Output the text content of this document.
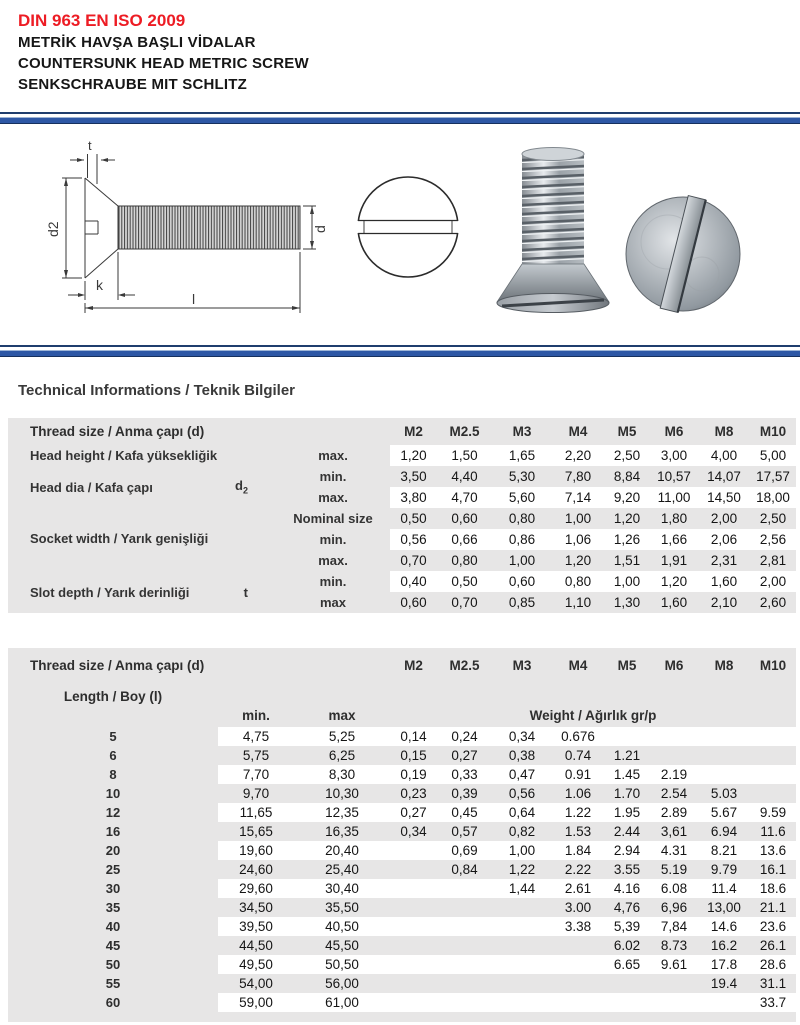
DIN 963 EN ISO 2009
METRİK HAVŞA BAŞLI VİDALAR
COUNTERSUNK HEAD METRIC SCREW
SENKSCHRAUBE MIT SCHLITZ
t
d2
k
l
d
Technical Informations / Teknik Bilgiler
Thread size / Anma çapı (d)		M2	M2.5	M3	M4	M5	M6	M8	M10

Head height / Kafa yüksekliğik	max.	1,20	1,50	1,65	2,20	2,50	3,00	4,00	5,00

Head dia / Kafa çapı $d_2$	min.	3,50	4,40	5,30	7,80	8,84	10,57	14,07	17,57
	max.	3,80	4,70	5,60	7,14	9,20	11,00	14,50	18,00
	Nominal size	0,50	0,60	0,80	1,00	1,20	1,80	2,00	2,50

Socket width / Yarık genişliği	min.	0,56	0,66	0,86	1,06	1,26	1,66	2,06	2,56
	max.	0,70	0,80	1,00	1,20	1,51	1,91	2,31	2,81

Slot depth / Yarık derinliği t	min.	0,40	0,50	0,60	0,80	1,00	1,20	1,60	2,00
	max	0,60	0,70	0,85	1,10	1,30	1,60	2,10	2,60
Thread size / Anma çapı (d)			M2	M2.5	M3	M4	M5	M6	M8	M10
Length / Boy (l)	min.	max	Weight / Ağırlık gr/p							
5	4,75	5,25	0,14	0,24	0,34	0.676				
6	5,75	6,25	0,15	0,27	0,38	0.74	1.21			
8	7,70	8,30	0,19	0,33	0,47	0.91	1.45	2.19		
10	9,70	10,30	0,23	0,39	0,56	1.06	1.70	2.54	5.03	
12	11,65	12,35	0,27	0,45	0,64	1.22	1.95	2.89	5.67	9.59
16	15,65	16,35	0,34	0,57	0,82	1.53	2.44	3,61	6.94	11.6
20	19,60	20,40		0,69	1,00	1.84	2.94	4.31	8.21	13.6
25	24,60	25,40		0,84	1,22	2.22	3.55	5.19	9.79	16.1
30	29,60	30,40			1,44	2.61	4.16	6.08	11.4	18.6
35	34,50	35,50				3.00	4,76	6,96	13,00	21.1
40	39,50	40,50				3.38	5,39	7,84	14.6	23.6
45	44,50	45,50					6.02	8.73	16.2	26.1
50	49,50	50,50					6.65	9.61	17.8	28.6
55	54,00	56,00							19.4	31.1
60	59,00	61,00								33.7
